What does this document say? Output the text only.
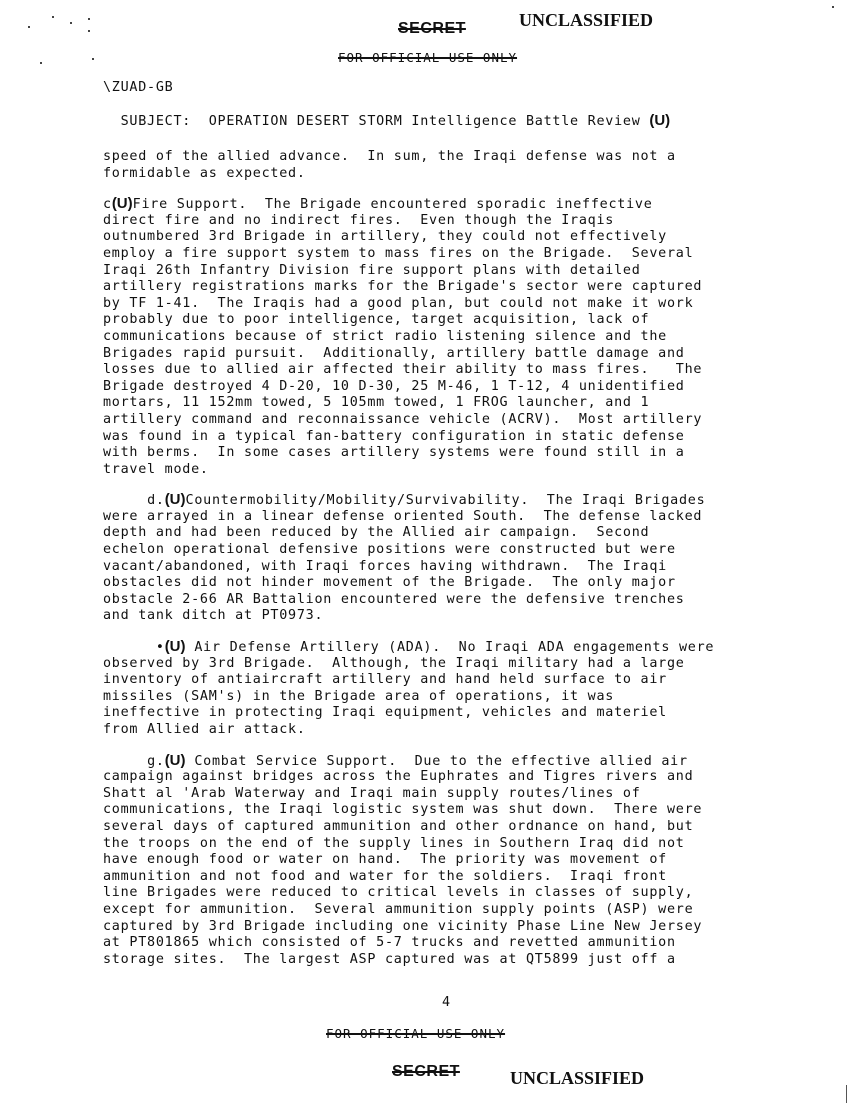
SECRET	UNCLASSIFIED
FOR OFFICIAL USE ONLY
\ZUAD-GB

SUBJECT: OPERATION DESERT STORM Intelligence Battle Review (U)

speed of the allied advance.  In sum, the Iraqi defense was not a
formidable as expected.
c(U)Fire Support.  The Brigade encountered sporadic ineffective
direct fire and no indirect fires.  Even though the Iraqis
outnumbered 3rd Brigade in artillery, they could not effectively
employ a fire support system to mass fires on the Brigade.  Several
Iraqi 26th Infantry Division fire support plans with detailed
artillery registrations marks for the Brigade's sector were captured
by TF 1-41.  The Iraqis had a good plan, but could not make it work
probably due to poor intelligence, target acquisition, lack of
communications because of strict radio listening silence and the
Brigades rapid pursuit.  Additionally, artillery battle damage and
losses due to allied air affected their ability to mass fires.   The
Brigade destroyed 4 D-20, 10 D-30, 25 M-46, 1 T-12, 4 unidentified
mortars, 11 152mm towed, 5 105mm towed, 1 FROG launcher, and 1
artillery command and reconnaissance vehicle (ACRV).  Most artillery
was found in a typical fan-battery configuration in static defense
with berms.  In some cases artillery systems were found still in a
travel mode.
d.(U)Countermobility/Mobility/Survivability.  The Iraqi Brigades
were arrayed in a linear defense oriented South.  The defense lacked
depth and had been reduced by the Allied air campaign.  Second
echelon operational defensive positions were constructed but were
vacant/abandoned, with Iraqi forces having withdrawn.  The Iraqi
obstacles did not hinder movement of the Brigade.  The only major
obstacle 2-66 AR Battalion encountered were the defensive trenches
and tank ditch at PT0973.
•(U) Air Defense Artillery (ADA).  No Iraqi ADA engagements were
observed by 3rd Brigade.  Although, the Iraqi military had a large
inventory of antiaircraft artillery and hand held surface to air
missiles (SAM's) in the Brigade area of operations, it was
ineffective in protecting Iraqi equipment, vehicles and materiel
from Allied air attack.
g.(U) Combat Service Support.  Due to the effective allied air
campaign against bridges across the Euphrates and Tigres rivers and
Shatt al 'Arab Waterway and Iraqi main supply routes/lines of
communications, the Iraqi logistic system was shut down.  There were
several days of captured ammunition and other ordnance on hand, but
the troops on the end of the supply lines in Southern Iraq did not
have enough food or water on hand.  The priority was movement of
ammunition and not food and water for the soldiers.  Iraqi front
line Brigades were reduced to critical levels in classes of supply,
except for ammunition.  Several ammunition supply points (ASP) were
captured by 3rd Brigade including one vicinity Phase Line New Jersey
at PT801865 which consisted of 5-7 trucks and revetted ammunition
storage sites.  The largest ASP captured was at QT5899 just off a
4
FOR OFFICIAL USE ONLY
SECRET	UNCLASSIFIED
